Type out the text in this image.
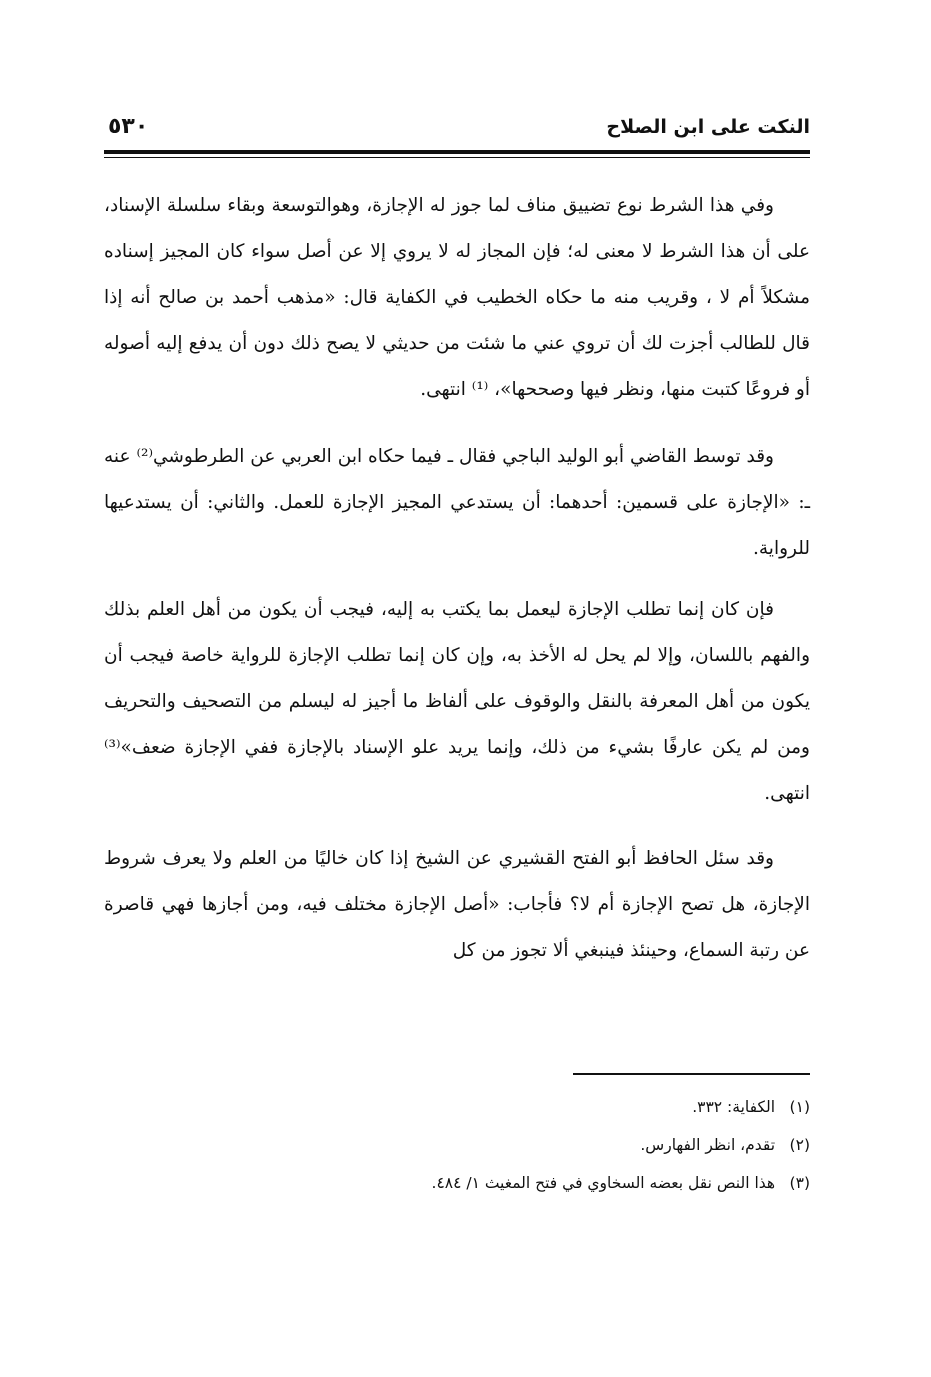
النكت على ابن الصلاح
٥٣٠

وفي هذا الشرط نوع تضييق مناف لما جوز له الإجازة، وهوالتوسعة وبقاء سلسلة الإسناد، على أن هذا الشرط لا معنى له؛ فإن المجاز له لا يروي إلا عن أصل سواء كان المجيز إسناده مشكلاً أم لا ، وقريب منه ما حكاه الخطيب في الكفاية قال: «مذهب أحمد بن صالح أنه إذا قال للطالب أجزت لك أن تروي عني ما شئت من حديثي لا يصح ذلك دون أن يدفع إليه أصوله أو فروعًا كتبت منها، ونظر فيها وصححها»، ⁽¹⁾ انتهى.

وقد توسط القاضي أبو الوليد الباجي فقال ـ فيما حكاه ابن العربي عن الطرطوشي⁽²⁾ عنه ـ: «الإجازة على قسمين: أحدهما: أن يستدعي المجيز الإجازة للعمل. والثاني: أن يستدعيها للرواية.

فإن كان إنما تطلب الإجازة ليعمل بما يكتب به إليه، فيجب أن يكون من أهل العلم بذلك والفهم باللسان، وإلا لم يحل له الأخذ به، وإن كان إنما تطلب الإجازة للرواية خاصة فيجب أن يكون من أهل المعرفة بالنقل والوقوف على ألفاظ ما أجيز له ليسلم من التصحيف والتحريف ومن لم يكن عارفًا بشيء من ذلك، وإنما يريد علو الإسناد بالإجازة ففي الإجازة ضعف»⁽³⁾ انتهى.

وقد سئل الحافظ أبو الفتح القشيري عن الشيخ إذا كان خاليًا من العلم ولا يعرف شروط الإجازة، هل تصح الإجازة أم لا؟ فأجاب: «أصل الإجازة مختلف فيه، ومن أجازها فهي قاصرة عن رتبة السماع، وحينئذ فينبغي ألا تجوز من كل

(١) الكفاية: ٣٣٢.
(٢) تقدم، انظر الفهارس.
(٣) هذا النص نقل بعضه السخاوي في فتح المغيث ١/ ٤٨٤.
